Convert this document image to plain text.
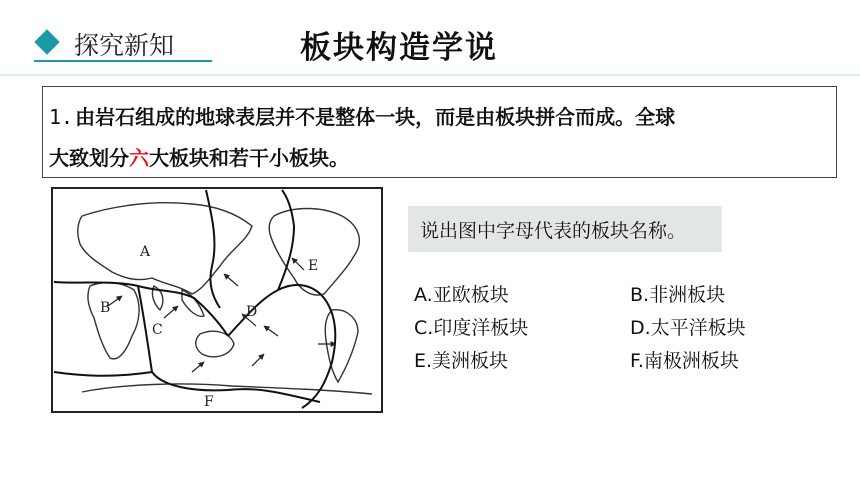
探究新知	板块构造学说
1. 由岩石组成的地球表层并不是整体一块，而是由板块拼合而成。全球
大致划分六大板块和若干小板块。
A
B
C
D
E
F
说出图中字母代表的板块名称。
A.亚欧板块	B.非洲板块
C.印度洋板块	D.太平洋板块
E.美洲板块	F.南极洲板块
